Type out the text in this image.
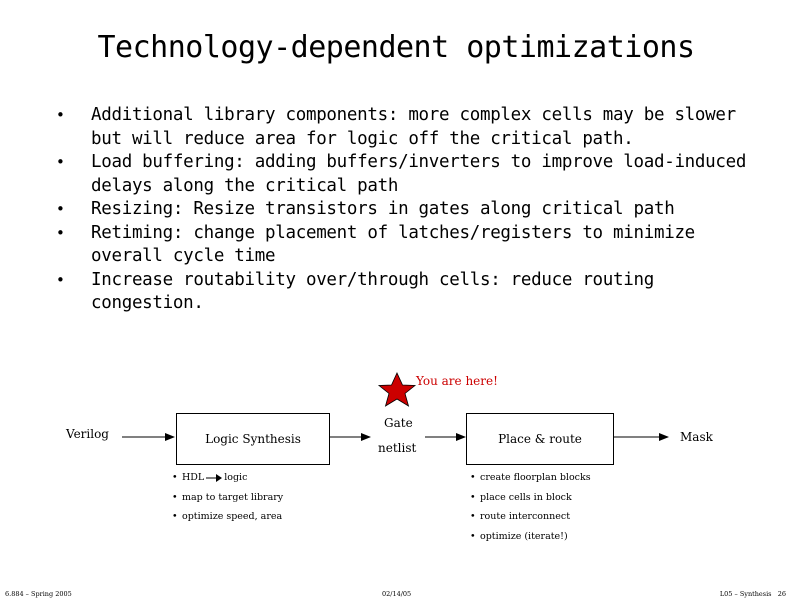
Technology-dependent optimizations
• Additional library components: more complex cells may be slower but will reduce area for logic off the critical path.
• Load buffering: adding buffers/inverters to improve load-induced delays along the critical path
• Resizing: Resize transistors in gates along critical path
• Retiming: change placement of latches/registers to minimize overall cycle time
• Increase routability over/through cells: reduce routing congestion.
You are here!
Verilog	Logic Synthesis
Gate
netlist
Place & route	Mask
• HDL logic
• map to target library
• optimize speed, area
• create floorplan blocks
• place cells in block
• route interconnect
• optimize (iterate!)
6.884 – Spring 2005	02/14/05	L05 – Synthesis   26
